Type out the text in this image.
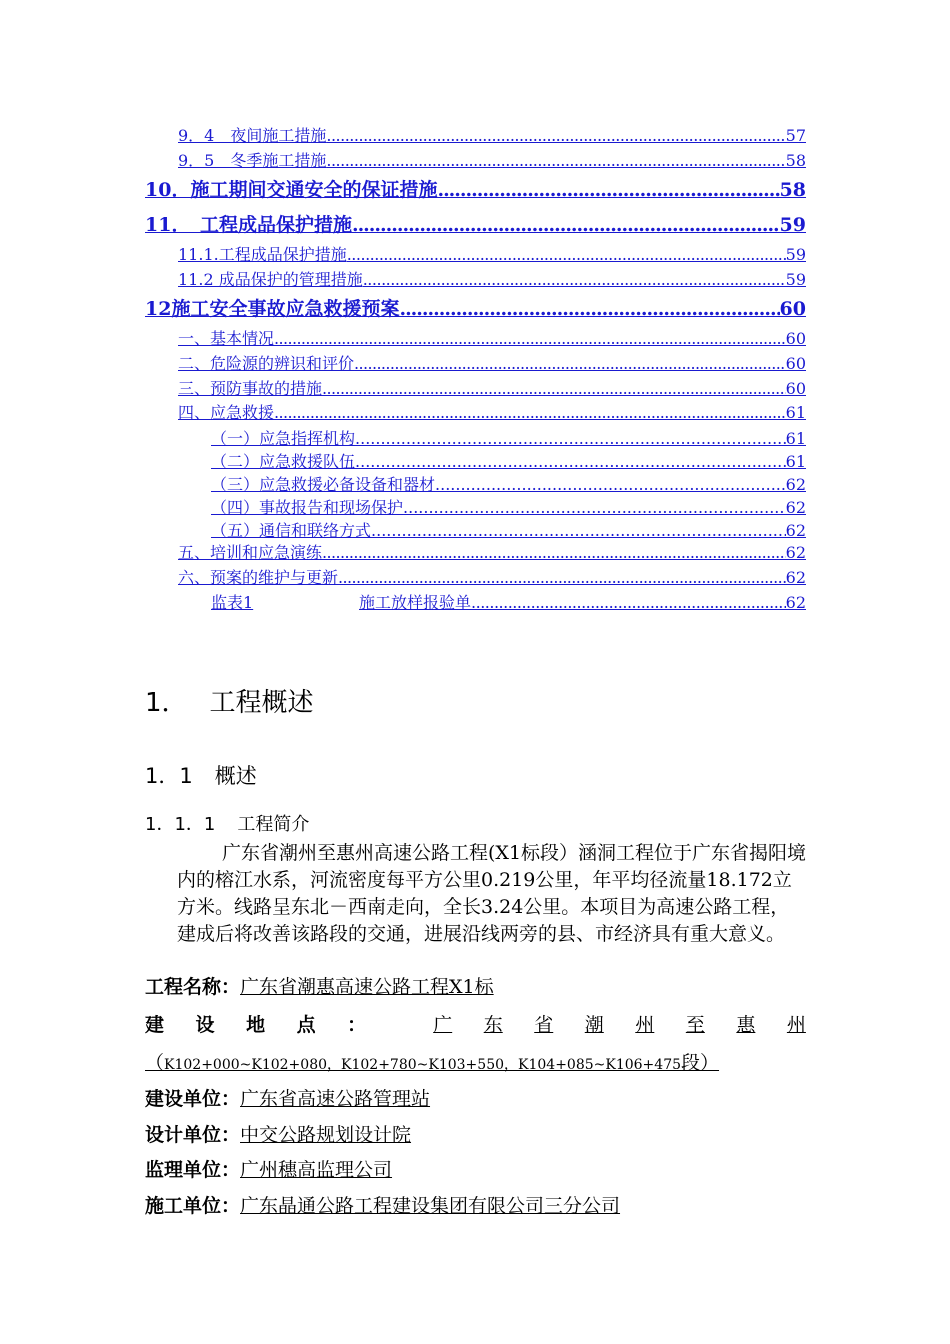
9．4　夜间施工措施 .....	57
9．5　冬季施工措施 .....	58
10．施工期间交通安全的保证措施 .....	58
11．　工程成品保护措施 .....	59
11.1.工程成品保护措施 .....	59
11.2 成品保护的管理措施 .....	59
12施工安全事故应急救援预案 .....	60
一、基本情况 .....	60
二、危险源的辨识和评价 .....	60
三、预防事故的措施 .....	60
四、应急救援 .....	61
（一）应急指挥机构 .....	61
（二）应急救援队伍 .....	61
（三）应急救援必备设备和器材 .....	62
（四）事故报告和现场保护 .....	62
（五）通信和联络方式 .....	62
五、培训和应急演练 .....	62
六、预案的维护与更新 .....	62
监表1	施工放样报验单 .....	62
1． 工程概述
1．1 概述
1．1．1 工程简介
广东省潮州至惠州高速公路工程(X1标段）涵洞工程位于广东省揭阳境内的榕江水系，河流密度每平方公里0.219公里，年平均径流量18.172立方米。线路呈东北－西南走向，全长3.24公里。本项目为高速公路工程，建成后将改善该路段的交通，进展沿线两旁的县、市经济具有重大意义。
工程名称：广东省潮惠高速公路工程X1标
建 设 地 点 ：	广 东 省 潮 州 至 惠 州
（K102+000~K102+080，K102+780~K103+550，K104+085~K106+475段）
建设单位：广东省高速公路管理站
设计单位：中交公路规划设计院
监理单位：广州穗高监理公司
施工单位：广东晶通公路工程建设集团有限公司三分公司
